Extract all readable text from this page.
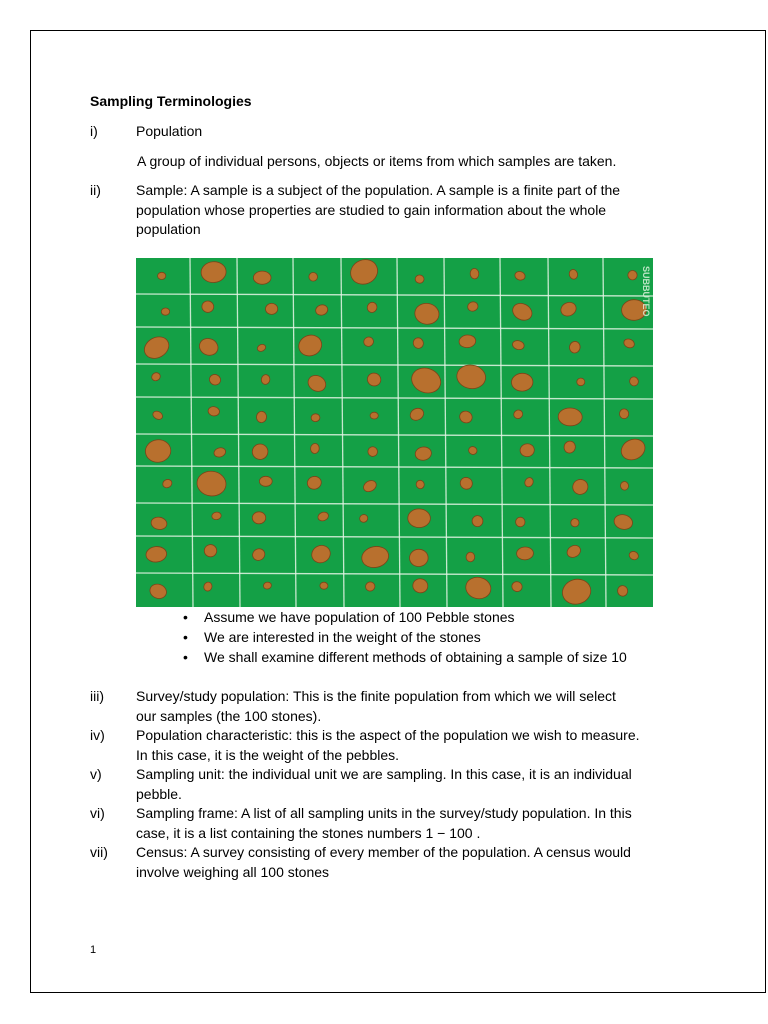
Sampling Terminologies
i)	Population
A group of individual persons, objects or items from which samples are taken.
ii)	Sample: A sample is a subject of the population. A sample is a finite part of the
population whose properties are studied to gain information about the whole
population
SUBBUTEO
• Assume we have population of 100 Pebble stones
• We are interested in the weight of the stones
• We shall examine different methods of obtaining a sample of size 10
iii) Survey/study population: This is the finite population from which we will select
our samples (the 100 stones).
iv) Population characteristic: this is the aspect of the population we wish to measure.
In this case, it is the weight of the pebbles.
v) Sampling unit: the individual unit we are sampling. In this case, it is an individual
pebble.
vi) Sampling frame: A list of all sampling units in the survey/study population. In this
case, it is a list containing the stones numbers 1 − 100 .
vii) Census: A survey consisting of every member of the population. A census would
involve weighing all 100 stones
1
